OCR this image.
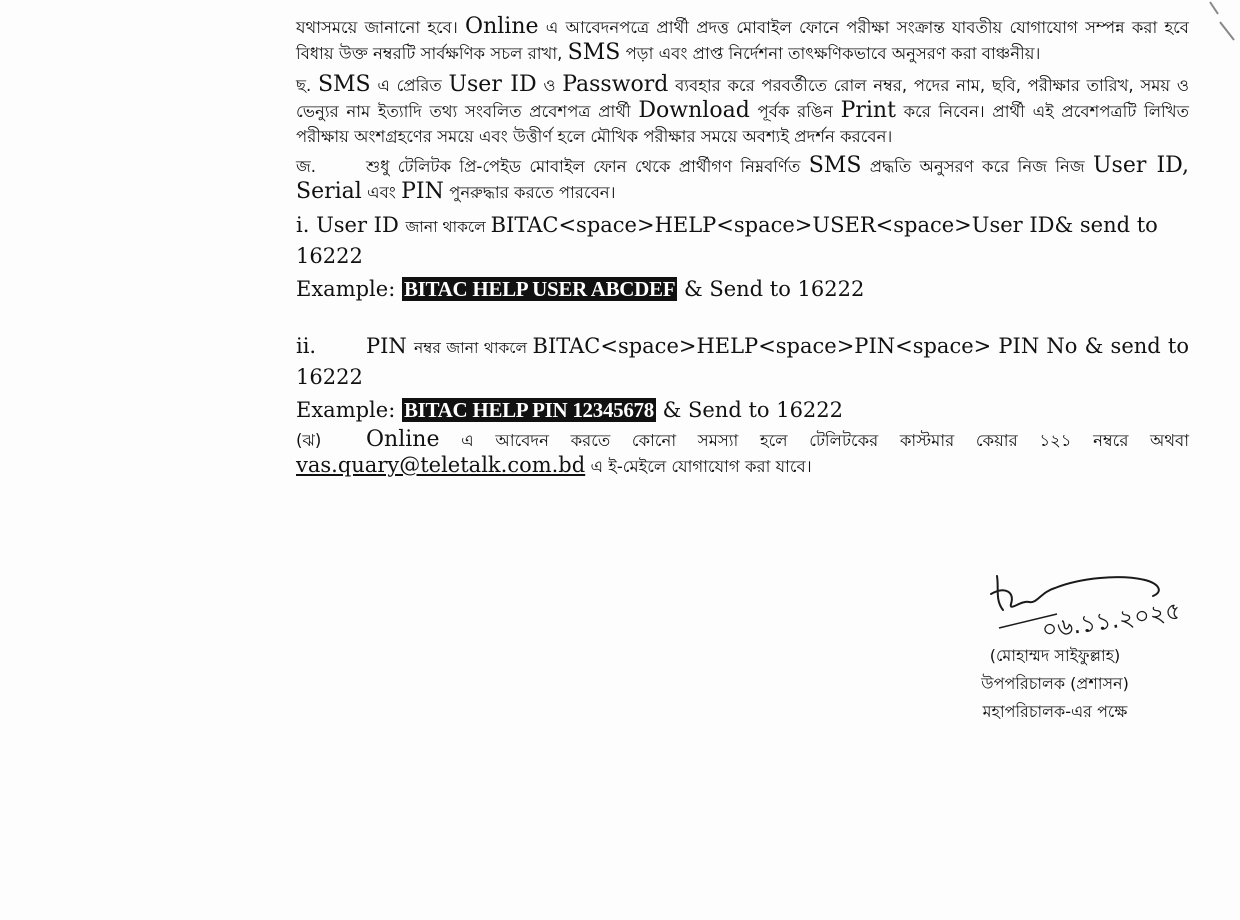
যথাসময়ে জানানো হবে। Online এ আবেদনপত্রে প্রার্থী প্রদত্ত মোবাইল ফোনে পরীক্ষা সংক্রান্ত যাবতীয় যোগাযোগ সম্পন্ন করা হবে বিধায় উক্ত নম্বরটি সার্বক্ষণিক সচল রাখা, SMS পড়া এবং প্রাপ্ত নির্দেশনা তাৎক্ষণিকভাবে অনুসরণ করা বাঞ্চনীয়।

ছ. SMS এ প্রেরিত User ID ও Password ব্যবহার করে পরবর্তীতে রোল নম্বর, পদের নাম, ছবি, পরীক্ষার তারিখ, সময় ও ভেন্যুর নাম ইত্যাদি তথ্য সংবলিত প্রবেশপত্র প্রার্থী Download পূর্বক রঙিন Print করে নিবেন। প্রার্থী এই প্রবেশপত্রটি লিখিত পরীক্ষায় অংশগ্রহণের সময়ে এবং উত্তীর্ণ হলে মৌখিক পরীক্ষার সময়ে অবশ্যই প্রদর্শন করবেন।

জ.	শুধু টেলিটক প্রি-পেইড মোবাইল ফোন থেকে প্রার্থীগণ নিম্নবর্ণিত SMS প্রদ্ধতি অনুসরণ করে নিজ নিজ User ID, Serial এবং PIN পুনরুদ্ধার করতে পারবেন।

i. User ID জানা থাকলে BITAC<space>HELP<space>USER<space>User ID& send to 16222
Example: BITAC HELP USER ABCDEF & Send to 16222
ii. PIN নম্বর জানা থাকলে BITAC<space>HELP<space>PIN<space> PIN No & send to 16222
Example: BITAC HELP PIN 12345678 & Send to 16222

(ঝ) Online এ আবেদন করতে কোনো সমস্যা হলে টেলিটকের কাস্টমার কেয়ার ১২১ নম্বরে অথবা vas.quary@teletalk.com.bd এ ই-মেইলে যোগাযোগ করা যাবে।

০৬.১১.২০২৫
(মোহাম্মদ সাইফুল্লাহ)
উপপরিচালক (প্রশাসন)
মহাপরিচালক-এর পক্ষে
